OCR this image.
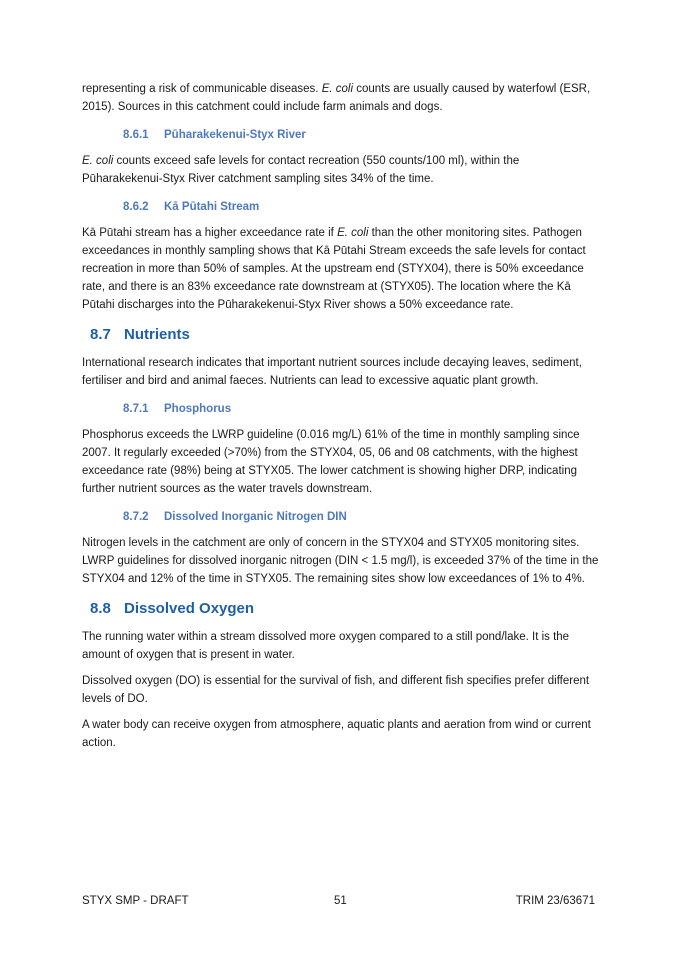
representing a risk of communicable diseases. E. coli counts are usually caused by waterfowl (ESR, 2015). Sources in this catchment could include farm animals and dogs.

8.6.1 Pūharakekenui-Styx River

E. coli counts exceed safe levels for contact recreation (550 counts/100 ml), within the Pūharakekenui-Styx River catchment sampling sites 34% of the time.

8.6.2 Kā Pūtahi Stream

Kā Pūtahi stream has a higher exceedance rate if E. coli than the other monitoring sites. Pathogen exceedances in monthly sampling shows that Kā Pūtahi Stream exceeds the safe levels for contact recreation in more than 50% of samples. At the upstream end (STYX04), there is 50% exceedance rate, and there is an 83% exceedance rate downstream at (STYX05). The location where the Kā Pūtahi discharges into the Pūharakekenui-Styx River shows a 50% exceedance rate.

8.7 Nutrients

International research indicates that important nutrient sources include decaying leaves, sediment, fertiliser and bird and animal faeces. Nutrients can lead to excessive aquatic plant growth.

8.7.1 Phosphorus

Phosphorus exceeds the LWRP guideline (0.016 mg/L) 61% of the time in monthly sampling since 2007. It regularly exceeded (>70%) from the STYX04, 05, 06 and 08 catchments, with the highest exceedance rate (98%) being at STYX05. The lower catchment is showing higher DRP, indicating further nutrient sources as the water travels downstream.

8.7.2 Dissolved Inorganic Nitrogen DIN

Nitrogen levels in the catchment are only of concern in the STYX04 and STYX05 monitoring sites. LWRP guidelines for dissolved inorganic nitrogen (DIN < 1.5 mg/l), is exceeded 37% of the time in the STYX04 and 12% of the time in STYX05. The remaining sites show low exceedances of 1% to 4%.

8.8 Dissolved Oxygen

The running water within a stream dissolved more oxygen compared to a still pond/lake. It is the amount of oxygen that is present in water.

Dissolved oxygen (DO) is essential for the survival of fish, and different fish specifies prefer different levels of DO.

A water body can receive oxygen from atmosphere, aquatic plants and aeration from wind or current action.

STYX SMP - DRAFT	51	TRIM 23/63671
